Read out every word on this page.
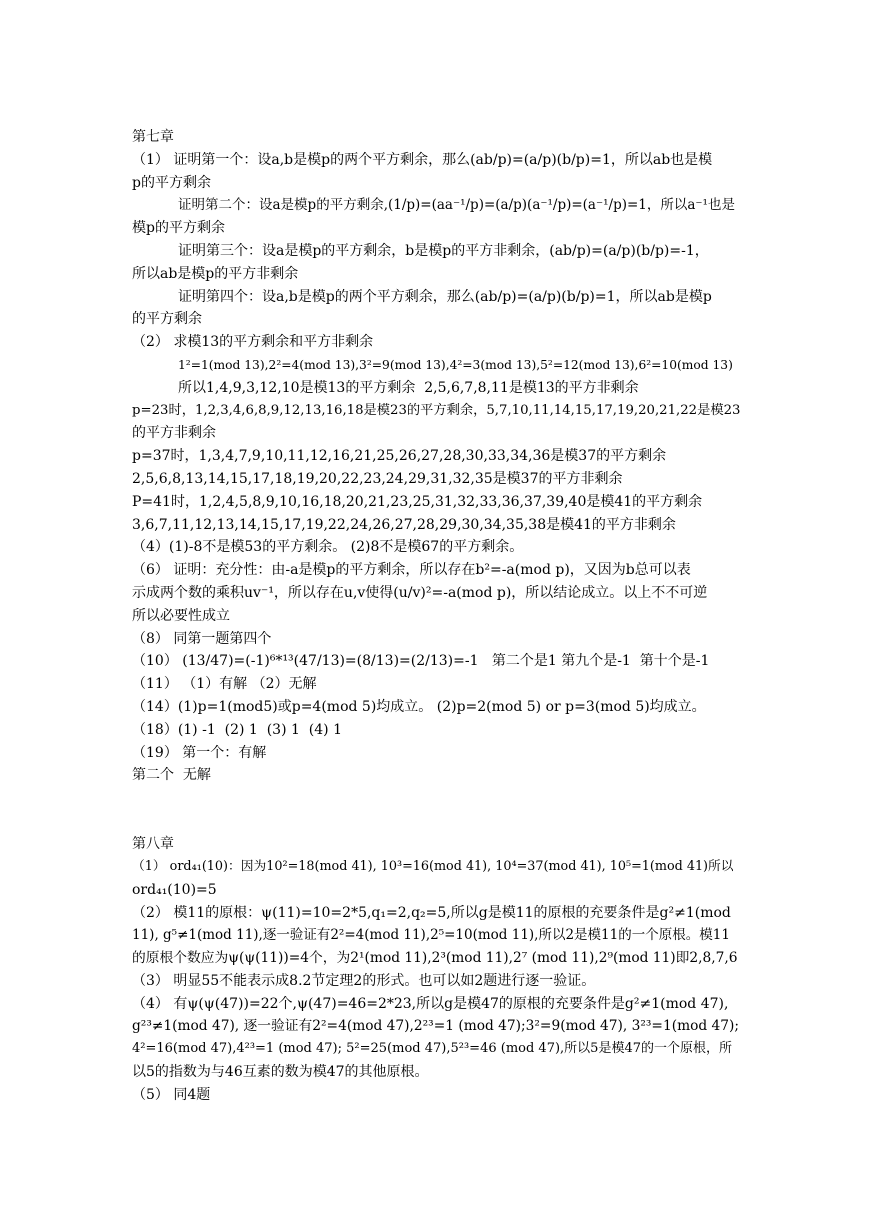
第七章
（1） 证明第一个：设a,b是模p的两个平方剩余，那么(ab/p)=(a/p)(b/p)=1，所以ab也是模
p的平方剩余
证明第二个：设a是模p的平方剩余,(1/p)=(aa⁻¹/p)=(a/p)(a⁻¹/p)=(a⁻¹/p)=1，所以a⁻¹也是
模p的平方剩余
证明第三个：设a是模p的平方剩余，b是模p的平方非剩余，(ab/p)=(a/p)(b/p)=-1，
所以ab是模p的平方非剩余
证明第四个：设a,b是模p的两个平方剩余，那么(ab/p)=(a/p)(b/p)=1，所以ab是模p
的平方剩余
（2） 求模13的平方剩余和平方非剩余
1²=1(mod 13),2²=4(mod 13),3²=9(mod 13),4²=3(mod 13),5²=12(mod 13),6²=10(mod 13)
所以1,4,9,3,12,10是模13的平方剩余  2,5,6,7,8,11是模13的平方非剩余
p=23时，1,2,3,4,6,8,9,12,13,16,18是模23的平方剩余，5,7,10,11,14,15,17,19,20,21,22是模23
的平方非剩余
p=37时，1,3,4,7,9,10,11,12,16,21,25,26,27,28,30,33,34,36是模37的平方剩余
2,5,6,8,13,14,15,17,18,19,20,22,23,24,29,31,32,35是模37的平方非剩余
P=41时，1,2,4,5,8,9,10,16,18,20,21,23,25,31,32,33,36,37,39,40是模41的平方剩余
3,6,7,11,12,13,14,15,17,19,22,24,26,27,28,29,30,34,35,38是模41的平方非剩余
（4）(1)-8不是模53的平方剩余。 (2)8不是模67的平方剩余。
（6） 证明：充分性：由-a是模p的平方剩余，所以存在b²=-a(mod p)，又因为b总可以表
示成两个数的乘积uv⁻¹，所以存在u,v使得(u/v)²=-a(mod p)，所以结论成立。以上不不可逆
所以必要性成立
（8） 同第一题第四个
（10） (13/47)=(-1)⁶*¹³(47/13)=(8/13)=(2/13)=-1   第二个是1 第九个是-1  第十个是-1
（11） （1）有解 （2）无解
（14）(1)p=1(mod5)或p=4(mod 5)均成立。 (2)p=2(mod 5) or p=3(mod 5)均成立。
（18）(1) -1  (2) 1  (3) 1  (4) 1
（19） 第一个：有解
第二个  无解
第八章
（1） ord₄₁(10)：因为10²=18(mod 41), 10³=16(mod 41), 10⁴=37(mod 41), 10⁵=1(mod 41)所以
ord₄₁(10)=5
（2） 模11的原根：ψ(11)=10=2*5,q₁=2,q₂=5,所以g是模11的原根的充要条件是g²≠1(mod
11), g⁵≠1(mod 11),逐一验证有2²=4(mod 11),2⁵=10(mod 11),所以2是模11的一个原根。模11
的原根个数应为ψ(ψ(11))=4个，为2¹(mod 11),2³(mod 11),2⁷ (mod 11),2⁹(mod 11)即2,8,7,6
（3） 明显55不能表示成8.2节定理2的形式。也可以如2题进行逐一验证。
（4） 有ψ(ψ(47))=22个,ψ(47)=46=2*23,所以g是模47的原根的充要条件是g²≠1(mod 47),
g²³≠1(mod 47), 逐一验证有2²=4(mod 47),2²³=1 (mod 47);3²=9(mod 47), 3²³=1(mod 47);
4²=16(mod 47),4²³=1 (mod 47); 5²=25(mod 47),5²³=46 (mod 47),所以5是模47的一个原根，所
以5的指数为与46互素的数为模47的其他原根。
（5） 同4题
